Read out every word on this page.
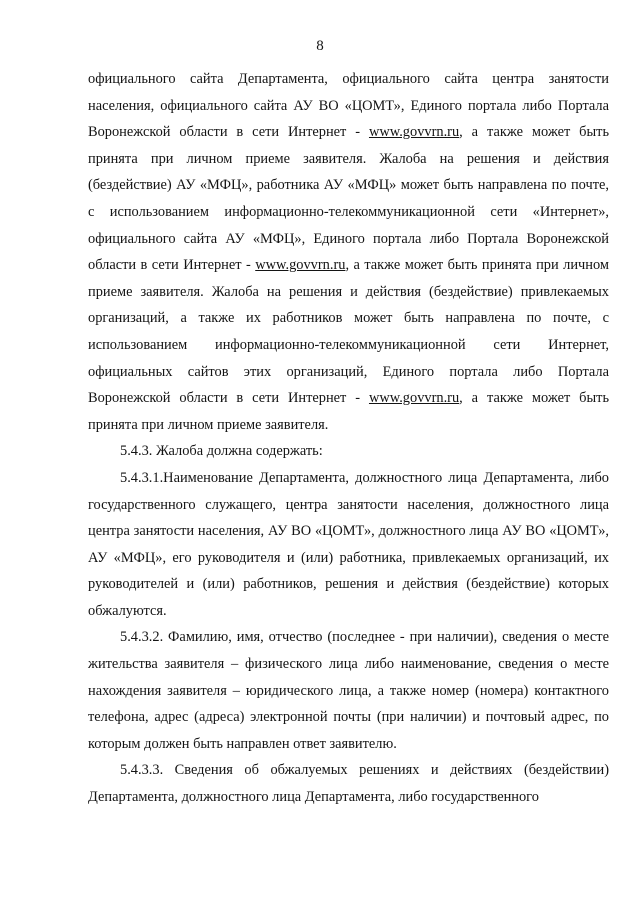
8

официального сайта Департамента, официального сайта центра занятости населения, официального сайта АУ ВО «ЦОМТ», Единого портала либо Портала Воронежской области в сети Интернет - www.govvrn.ru, а также может быть принята при личном приеме заявителя. Жалоба на решения и действия (бездействие) АУ «МФЦ», работника АУ «МФЦ» может быть направлена по почте, с использованием информационно-телекоммуникационной сети «Интернет», официального сайта АУ «МФЦ», Единого портала либо Портала Воронежской области в сети Интернет - www.govvrn.ru, а также может быть принята при личном приеме заявителя. Жалоба на решения и действия (бездействие) привлекаемых организаций, а также их работников может быть направлена по почте, с использованием информационно-телекоммуникационной сети Интернет, официальных сайтов этих организаций, Единого портала либо Портала Воронежской области в сети Интернет - www.govvrn.ru, а также может быть принята при личном приеме заявителя.

5.4.3. Жалоба должна содержать:

5.4.3.1.Наименование Департамента, должностного лица Департамента, либо государственного служащего, центра занятости населения, должностного лица центра занятости населения, АУ ВО «ЦОМТ», должностного лица АУ ВО «ЦОМТ», АУ «МФЦ», его руководителя и (или) работника, привлекаемых организаций, их руководителей и (или) работников, решения и действия (бездействие) которых обжалуются.

5.4.3.2. Фамилию, имя, отчество (последнее - при наличии), сведения о месте жительства заявителя – физического лица либо наименование, сведения о месте нахождения заявителя – юридического лица, а также номер (номера) контактного телефона, адрес (адреса) электронной почты (при наличии) и почтовый адрес, по которым должен быть направлен ответ заявителю.

5.4.3.3. Сведения об обжалуемых решениях и действиях (бездействии) Департамента, должностного лица Департамента, либо государственного
